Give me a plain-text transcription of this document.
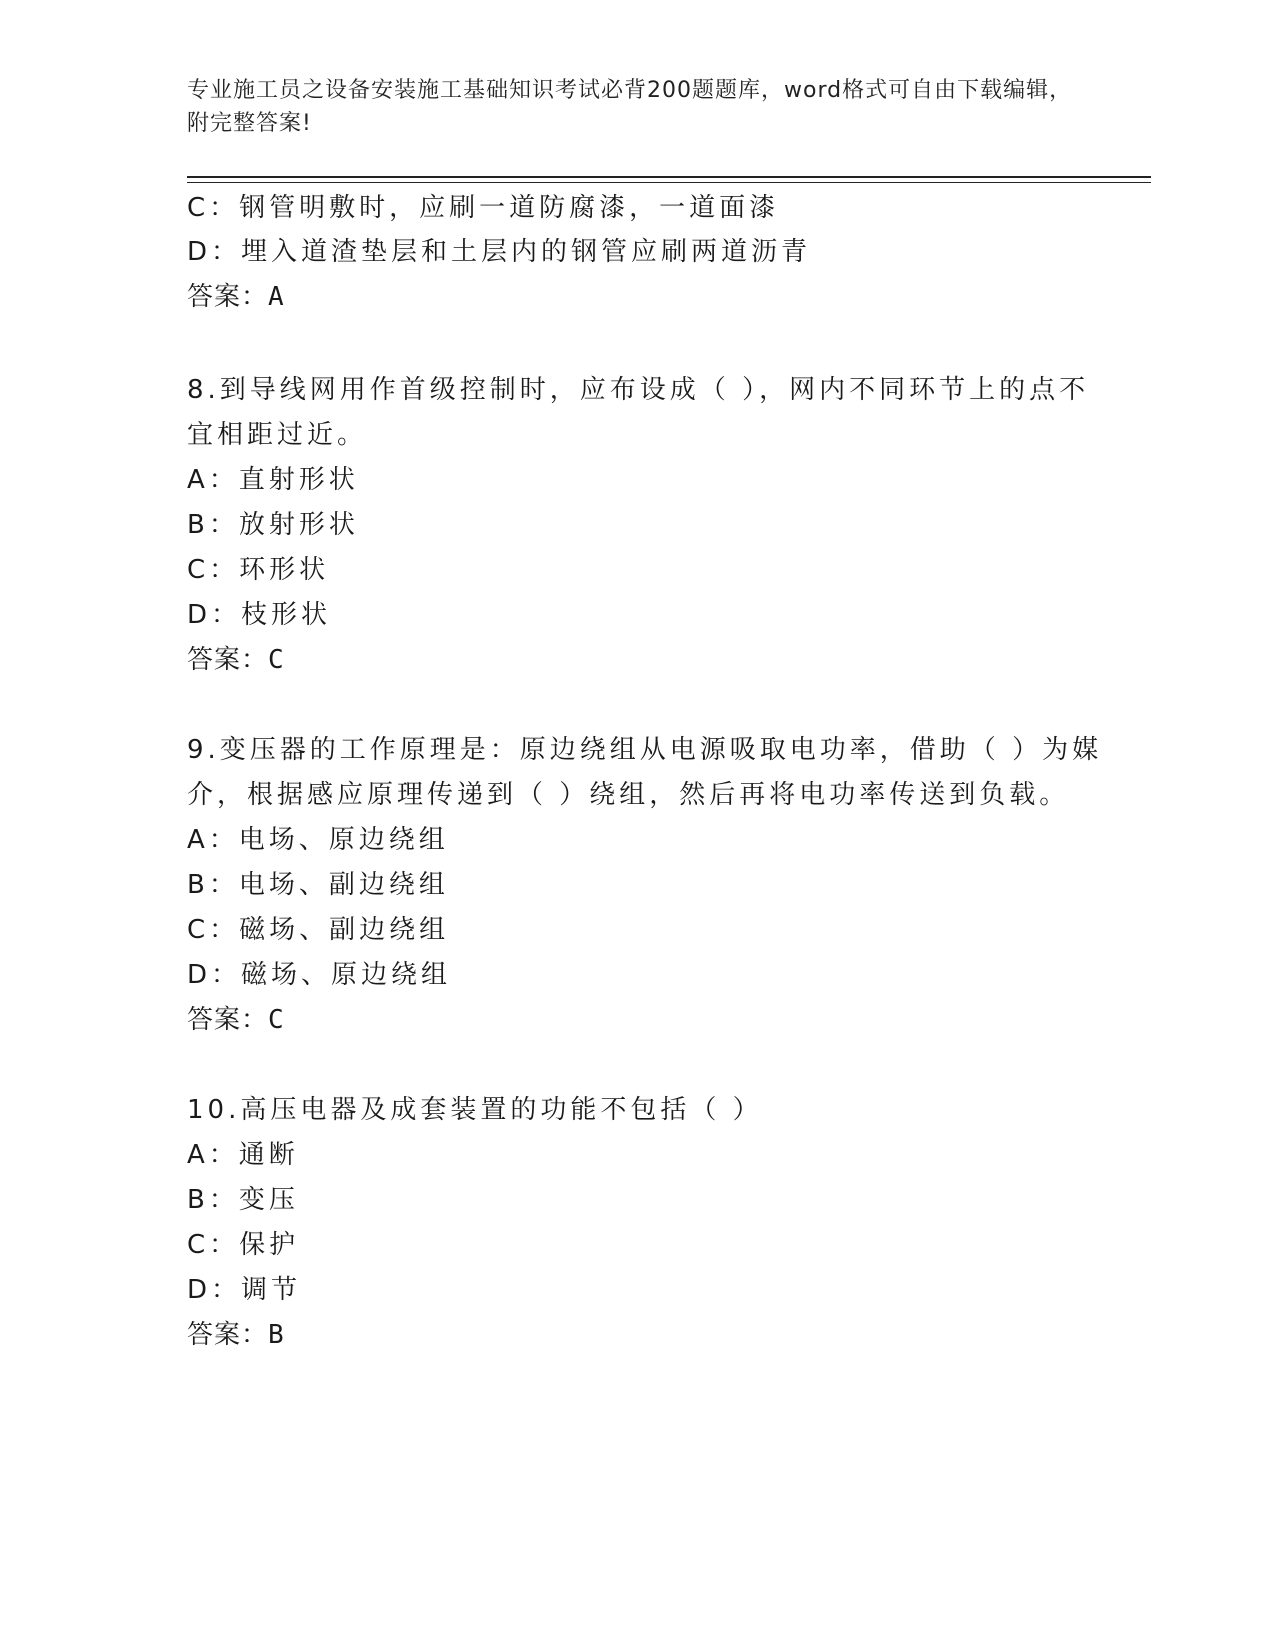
专业施工员之设备安装施工基础知识考试必背200题题库，word格式可自由下载编辑，附完整答案!
C：钢管明敷时，应刷一道防腐漆，一道面漆
D：埋入道渣垫层和土层内的钢管应刷两道沥青
答案：A
8.到导线网用作首级控制时，应布设成（ ），网内不同环节上的点不
宜相距过近。
A：直射形状
B：放射形状
C：环形状
D：枝形状
答案：C
9.变压器的工作原理是：原边绕组从电源吸取电功率，借助（ ）为媒
介，根据感应原理传递到（ ）绕组，然后再将电功率传送到负载。
A：电场、原边绕组
B：电场、副边绕组
C：磁场、副边绕组
D：磁场、原边绕组
答案：C
10.高压电器及成套装置的功能不包括（ ）
A：通断
B：变压
C：保护
D：调节
答案：B
